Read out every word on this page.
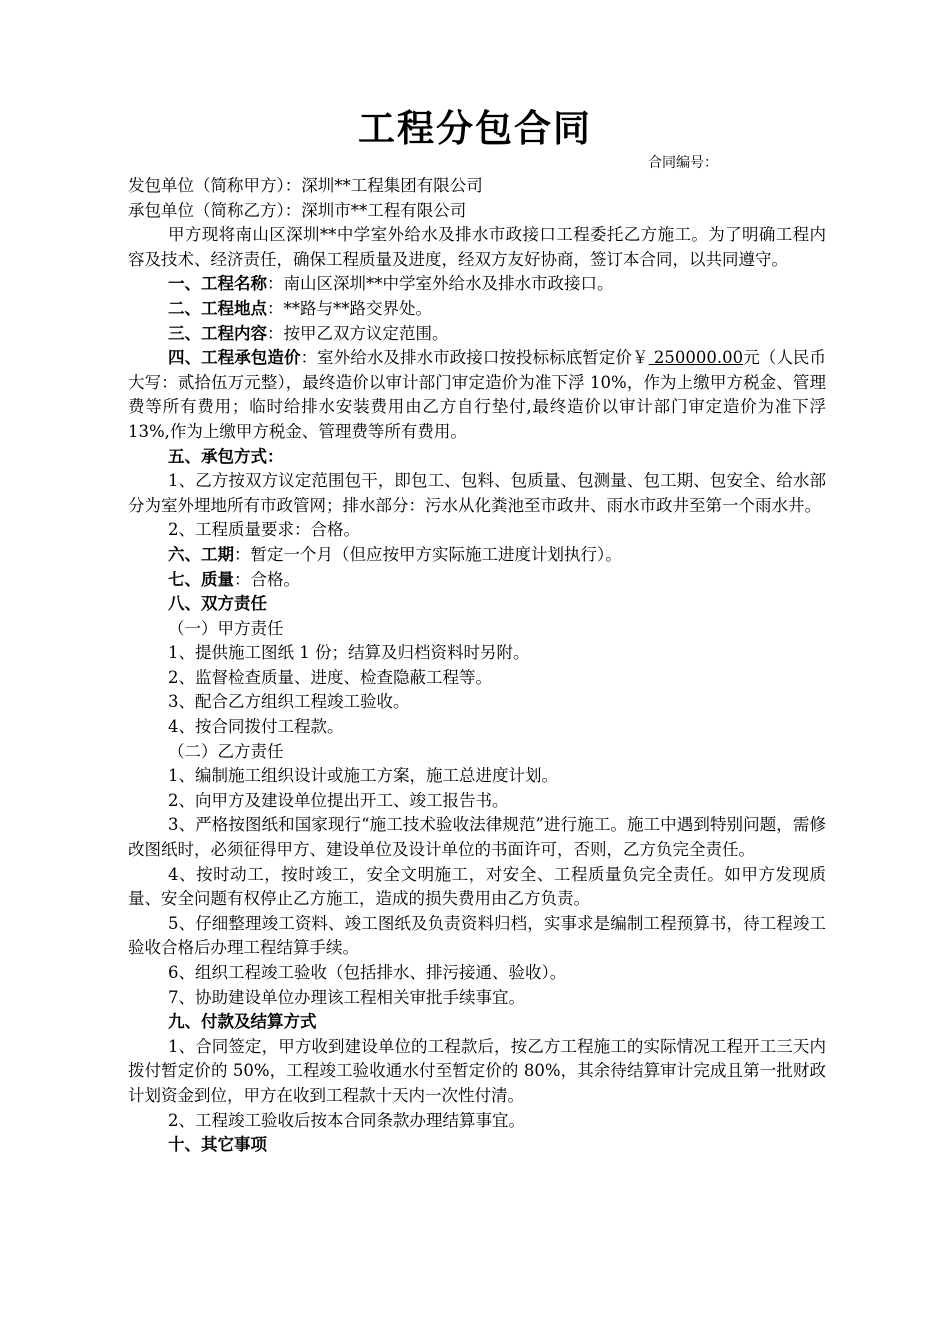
工程分包合同
合同编号：

发包单位（简称甲方）：深圳**工程集团有限公司

承包单位（简称乙方）：深圳市**工程有限公司

甲方现将南山区深圳**中学室外给水及排水市政接口工程委托乙方施工。为了明确工程内容及技术、经济责任，确保工程质量及进度，经双方友好协商，签订本合同，以共同遵守。

一、工程名称：南山区深圳**中学室外给水及排水市政接口。

二、工程地点：**路与**路交界处。

三、工程内容：按甲乙双方议定范围。

四、工程承包造价：室外给水及排水市政接口按投标标底暂定价￥ 250000.00元（人民币大写：贰拾伍万元整），最终造价以审计部门审定造价为准下浮 10%，作为上缴甲方税金、管理费等所有费用；临时给排水安装费用由乙方自行垫付,最终造价以审计部门审定造价为准下浮 13%,作为上缴甲方税金、管理费等所有费用。

五、承包方式：

1、乙方按双方议定范围包干，即包工、包料、包质量、包测量、包工期、包安全、给水部分为室外埋地所有市政管网；排水部分：污水从化粪池至市政井、雨水市政井至第一个雨水井。

2、工程质量要求：合格。

六、工期：暂定一个月（但应按甲方实际施工进度计划执行）。

七、质量：合格。

八、双方责任

（一）甲方责任

1、提供施工图纸 1 份；结算及归档资料时另附。

2、监督检查质量、进度、检查隐蔽工程等。

3、配合乙方组织工程竣工验收。

4、按合同拨付工程款。

（二）乙方责任

1、编制施工组织设计或施工方案，施工总进度计划。

2、向甲方及建设单位提出开工、竣工报告书。

3、严格按图纸和国家现行“施工技术验收法律规范”进行施工。施工中遇到特别问题，需修改图纸时，必须征得甲方、建设单位及设计单位的书面许可，否则，乙方负完全责任。

4、按时动工，按时竣工，安全文明施工，对安全、工程质量负完全责任。如甲方发现质量、安全问题有权停止乙方施工，造成的损失费用由乙方负责。

5、仔细整理竣工资料、竣工图纸及负责资料归档，实事求是编制工程预算书，待工程竣工验收合格后办理工程结算手续。

6、组织工程竣工验收（包括排水、排污接通、验收）。

7、协助建设单位办理该工程相关审批手续事宜。

九、付款及结算方式

1、合同签定，甲方收到建设单位的工程款后，按乙方工程施工的实际情况工程开工三天内拨付暂定价的 50%，工程竣工验收通水付至暂定价的 80%，其余待结算审计完成且第一批财政计划资金到位，甲方在收到工程款十天内一次性付清。

2、工程竣工验收后按本合同条款办理结算事宜。

十、其它事项
